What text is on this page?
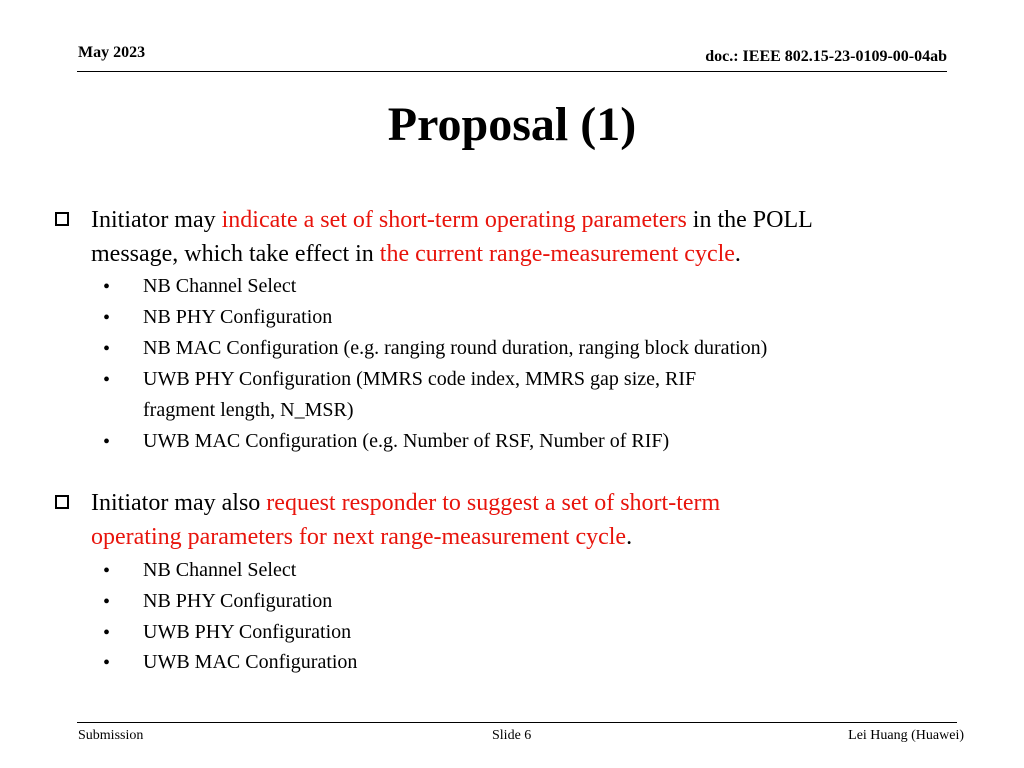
May 2023	doc.: IEEE 802.15-23-0109-00-04ab
Proposal (1)
Initiator may indicate a set of short-term operating parameters in the POLL
message, which take effect in the current range-measurement cycle.
• NB Channel Select
• NB PHY Configuration
• NB MAC Configuration (e.g. ranging round duration, ranging block duration)
• UWB PHY Configuration (MMRS code index, MMRS gap size, RIF
fragment length, N_MSR)
• UWB MAC Configuration (e.g. Number of RSF, Number of RIF)
Initiator may also request responder to suggest a set of short-term
operating parameters for next range-measurement cycle.
• NB Channel Select
• NB PHY Configuration
• UWB PHY Configuration
• UWB MAC Configuration
Submission	Slide 6	Lei Huang (Huawei)
